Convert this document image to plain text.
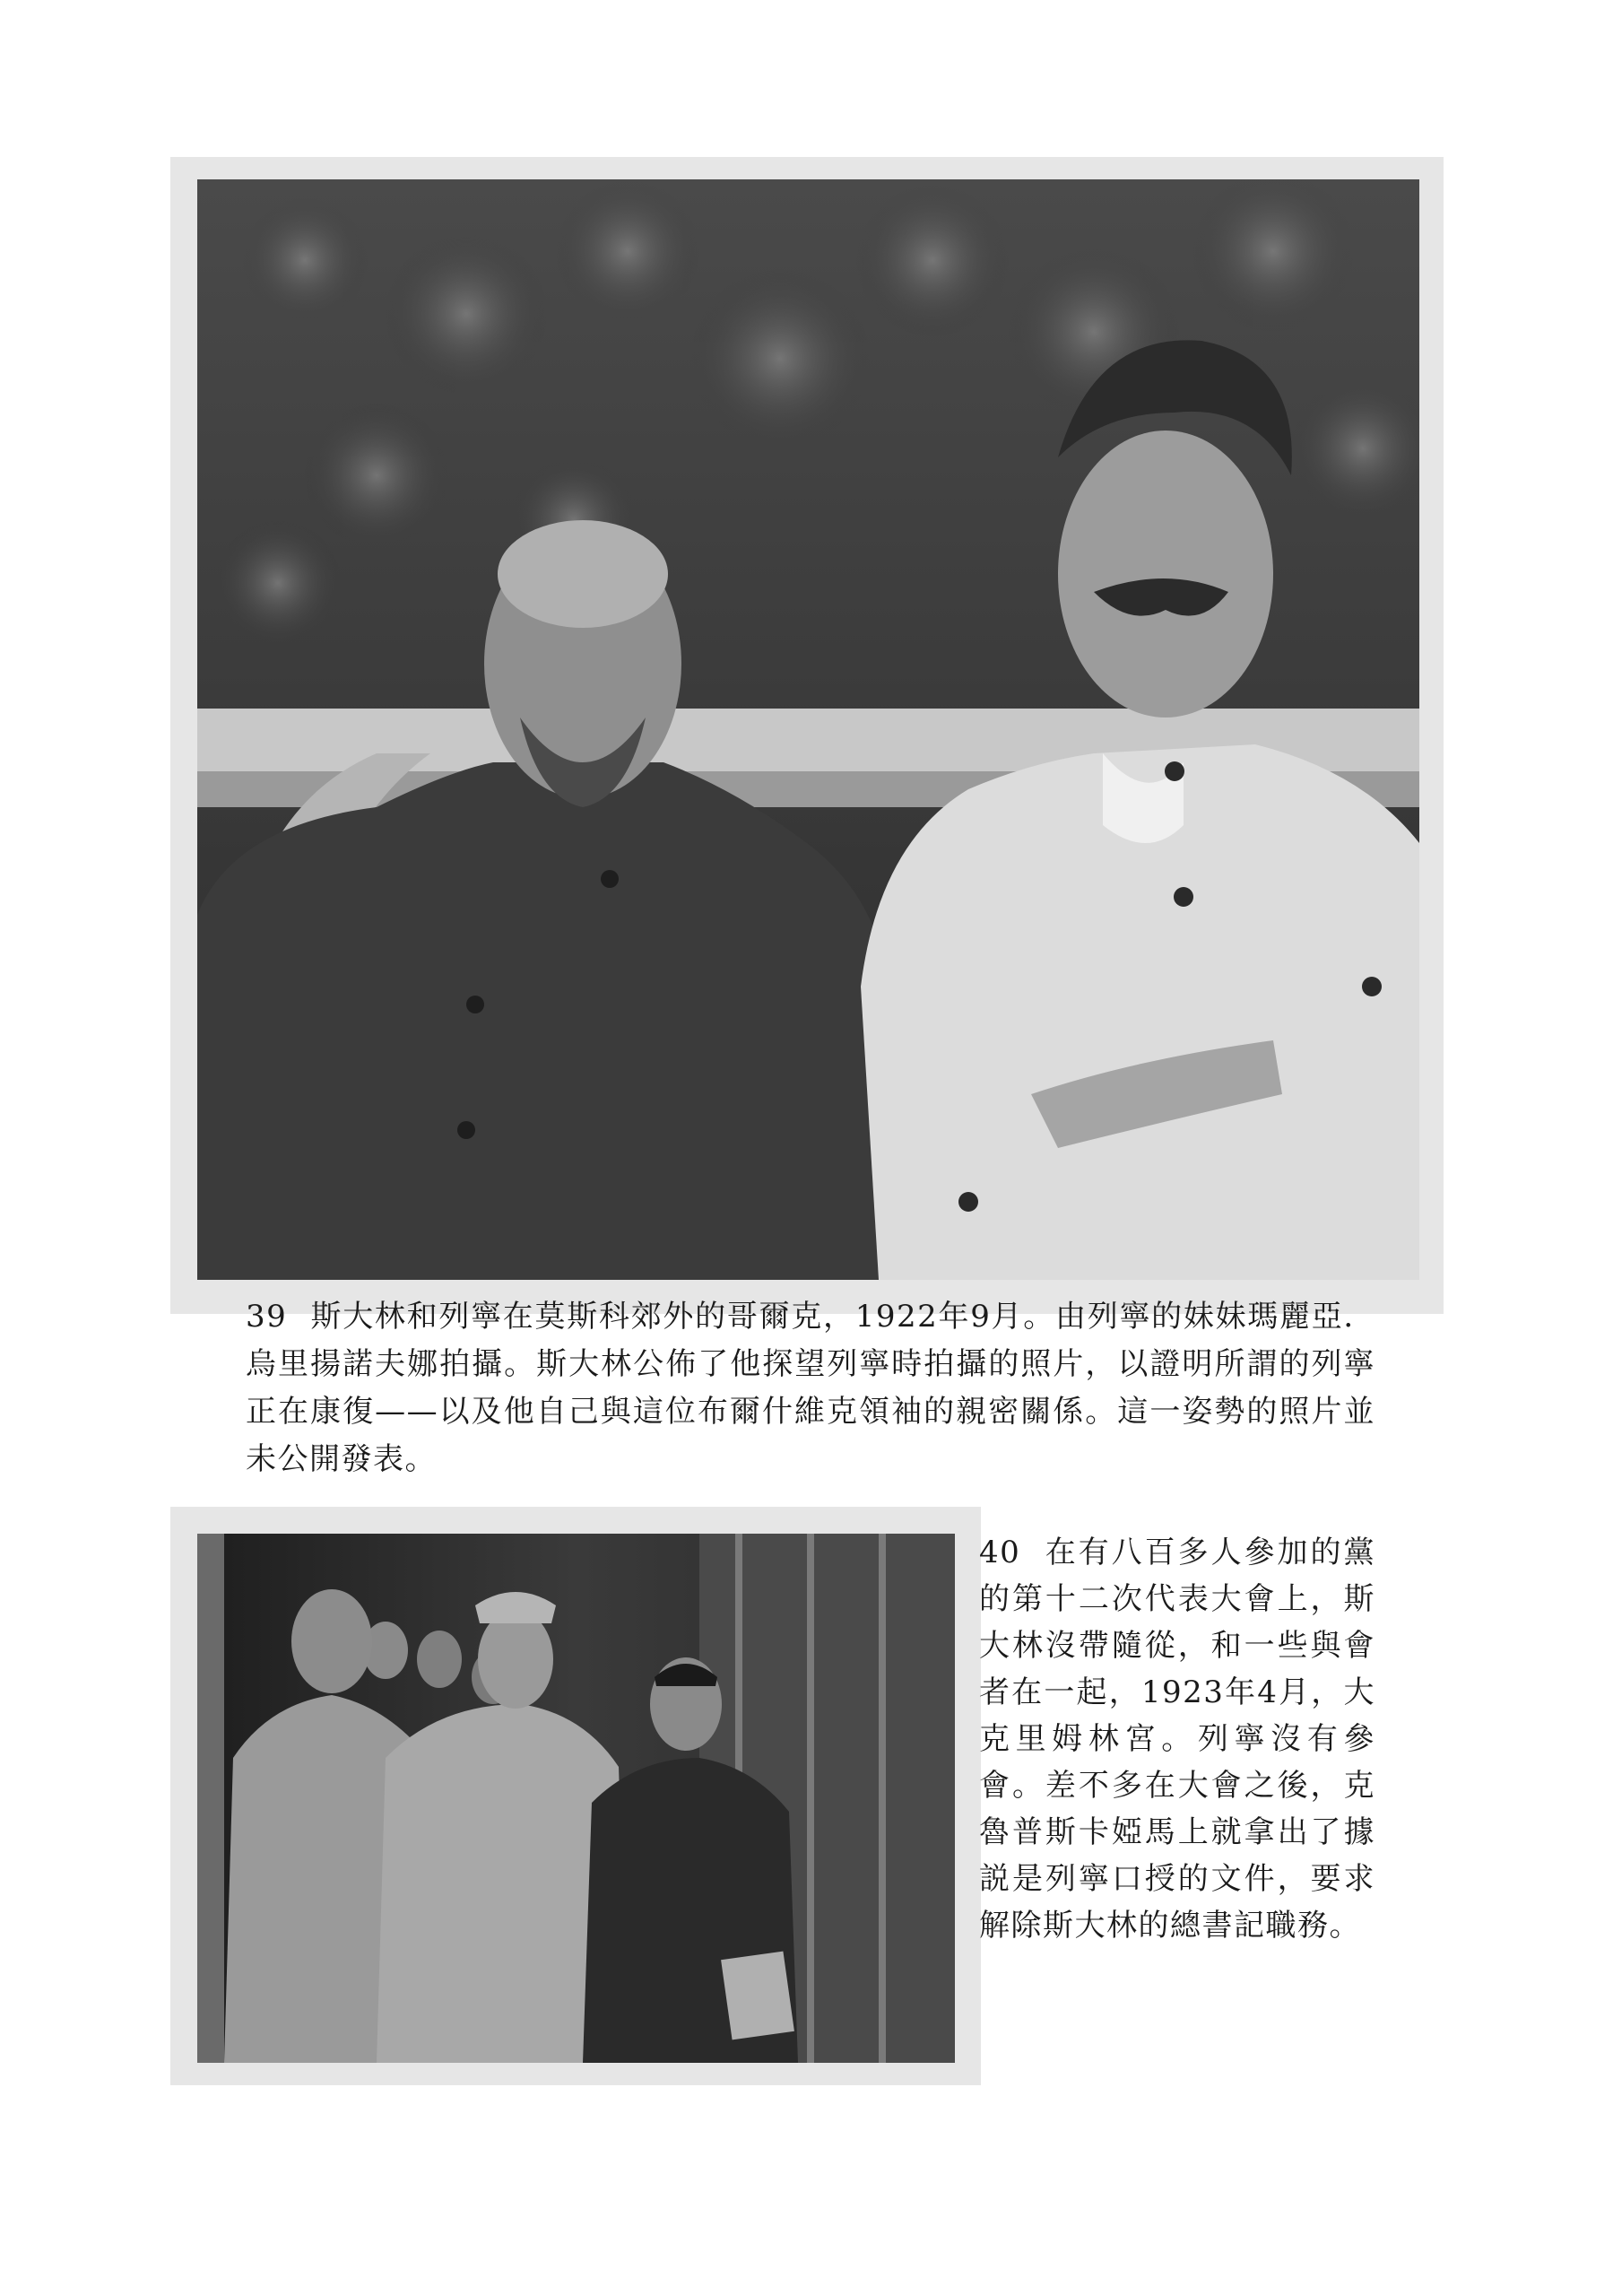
39 斯大林和列寧在莫斯科郊外的哥爾克，1922年9月。由列寧的妹妹瑪麗亞．烏里揚諾夫娜拍攝。斯大林公佈了他探望列寧時拍攝的照片，以證明所謂的列寧正在康復——以及他自己與這位布爾什維克領袖的親密關係。這一姿勢的照片並未公開發表。

40 在有八百多人參加的黨的第十二次代表大會上，斯大林沒帶隨從，和一些與會者在一起，1923年4月，大克里姆林宮。列寧沒有參會。差不多在大會之後，克魯普斯卡婭馬上就拿出了據説是列寧口授的文件，要求解除斯大林的總書記職務。
